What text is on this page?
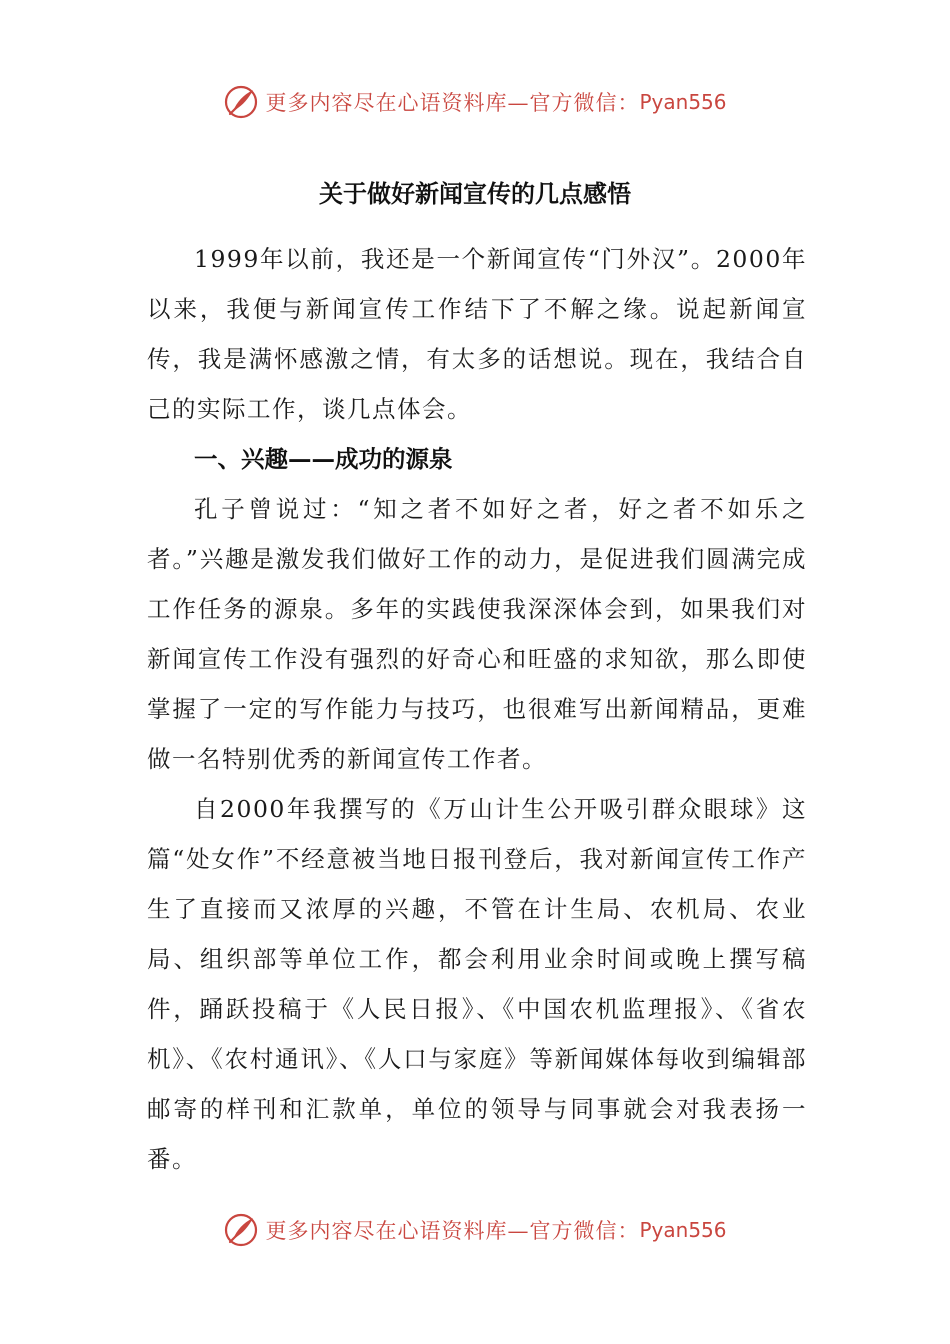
更多内容尽在心语资料库—官方微信： Pyan556
关于做好新闻宣传的几点感悟

1999年以前，我还是一个新闻宣传“门外汉”。2000年以来，我便与新闻宣传工作结下了不解之缘。说起新闻宣传，我是满怀感激之情，有太多的话想说。现在，我结合自己的实际工作，谈几点体会。

一、兴趣——成功的源泉

孔子曾说过：“知之者不如好之者，好之者不如乐之者。”兴趣是激发我们做好工作的动力，是促进我们圆满完成工作任务的源泉。多年的实践使我深深体会到，如果我们对新闻宣传工作没有强烈的好奇心和旺盛的求知欲，那么即使掌握了一定的写作能力与技巧，也很难写出新闻精品，更难做一名特别优秀的新闻宣传工作者。

自2000年我撰写的《万山计生公开吸引群众眼球》这篇“处女作”不经意被当地日报刊登后，我对新闻宣传工作产生了直接而又浓厚的兴趣，不管在计生局、农机局、农业局、组织部等单位工作，都会利用业余时间或晚上撰写稿件，踊跃投稿于《人民日报》、《中国农机监理报》、《省农机》、《农村通讯》、《人口与家庭》等新闻媒体每收到编辑部邮寄的样刊和汇款单，单位的领导与同事就会对我表扬一番。

更多内容尽在心语资料库—官方微信： Pyan556
